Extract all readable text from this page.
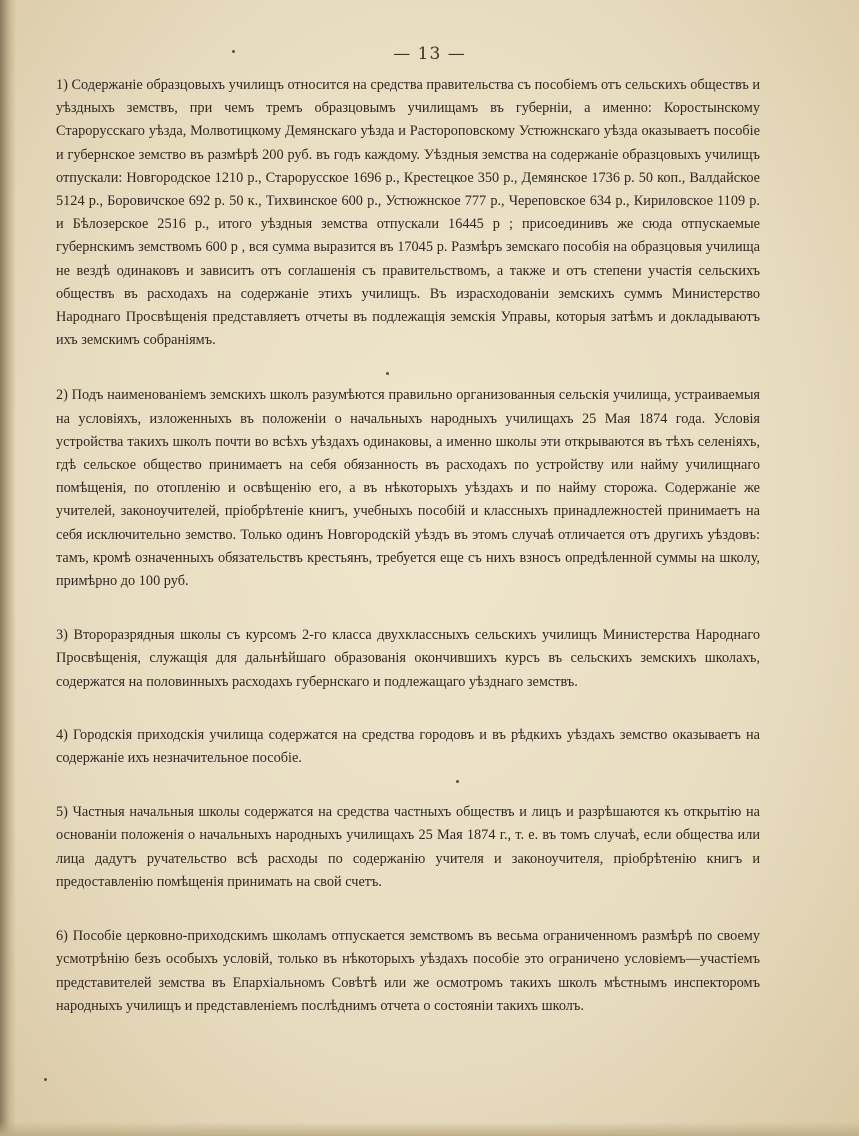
— 13 —

1) Содержаніе образцовыхъ училищъ относится на средства правительства съ пособіемъ отъ сельскихъ обществъ и уѣздныхъ земствъ, при чемъ тремъ образцовымъ училищамъ въ губерніи, а именно: Коростынскому Старорусскаго уѣзда, Молвотицкому Демянскаго уѣзда и Растороповскому Устюжнскаго уѣзда оказываетъ пособіе и губернское земство въ размѣрѣ 200 руб. въ годъ каждому. Уѣздныя земства на содержаніе образцовыхъ училищъ отпускали: Новгородское 1210 р., Старорусское 1696 р., Крестецкое 350 р., Демянское 1736 р. 50 коп., Валдайское 5124 р., Боровичское 692 р. 50 к., Тихвинское 600 р., Устюжнское 777 р., Череповское 634 р., Кириловское 1109 р. и Бѣлозерское 2516 р., итого уѣздныя земства отпускали 16445 р ; присоединивъ же сюда отпускаемые губернскимъ земствомъ 600 р , вся сумма выразится въ 17045 р. Размѣръ земскаго пособія на образцовыя училища не вездѣ одинаковъ и зависитъ отъ соглашенія съ правительствомъ, а также и отъ степени участія сельскихъ обществъ въ расходахъ на содержаніе этихъ училищъ. Въ израсходованіи земскихъ суммъ Министерство Народнаго Просвѣщенія представляетъ отчеты въ подлежащія земскія Управы, которыя затѣмъ и докладываютъ ихъ земскимъ собраніямъ.

2) Подъ наименованіемъ земскихъ школъ разумѣются правильно организованныя сельскія училища, устраиваемыя на условіяхъ, изложенныхъ въ положеніи о начальныхъ народныхъ училищахъ 25 Мая 1874 года. Условія устройства такихъ школъ почти во всѣхъ уѣздахъ одинаковы, а именно школы эти открываются въ тѣхъ селеніяхъ, гдѣ сельское общество принимаетъ на себя обязанность въ расходахъ по устройству или найму училищнаго помѣщенія, по отопленію и освѣщенію его, а въ нѣкоторыхъ уѣздахъ и по найму сторожа. Содержаніе же учителей, законоучителей, пріобрѣтеніе книгъ, учебныхъ пособій и классныхъ принадлежностей принимаетъ на себя исключительно земство. Только одинъ Новгородскій уѣздъ въ этомъ случаѣ отличается отъ другихъ уѣздовъ: тамъ, кромѣ означенныхъ обязательствъ крестьянъ, требуется еще съ нихъ взносъ опредѣленной суммы на школу, примѣрно до 100 руб.

3) Второразрядныя школы съ курсомъ 2-го класса двухклассныхъ сельскихъ училищъ Министерства Народнаго Просвѣщенія, служащія для дальнѣйшаго образованія окончившихъ курсъ въ сельскихъ земскихъ школахъ, содержатся на половинныхъ расходахъ губернскаго и подлежащаго уѣзднаго земствъ.

4) Городскія приходскія училища содержатся на средства городовъ и въ рѣдкихъ уѣздахъ земство оказываетъ на содержаніе ихъ незначительное пособіе.

5) Частныя начальныя школы содержатся на средства частныхъ обществъ и лицъ и разрѣшаются къ открытію на основаніи положенія о начальныхъ народныхъ училищахъ 25 Мая 1874 г., т. е. въ томъ случаѣ, если общества или лица дадутъ ручательство всѣ расходы по содержанію учителя и законоучителя, пріобрѣтенію книгъ и предоставленію помѣщенія принимать на свой счетъ.

6) Пособіе церковно-приходскимъ школамъ отпускается земствомъ въ весьма ограниченномъ размѣрѣ по своему усмотрѣнію безъ особыхъ условій, только въ нѣкоторыхъ уѣздахъ пособіе это ограничено условіемъ—участіемъ представителей земства въ Епархіальномъ Совѣтѣ или же осмотромъ такихъ школъ мѣстнымъ инспекторомъ народныхъ училищъ и представленіемъ послѣднимъ отчета о состояніи такихъ школъ.
